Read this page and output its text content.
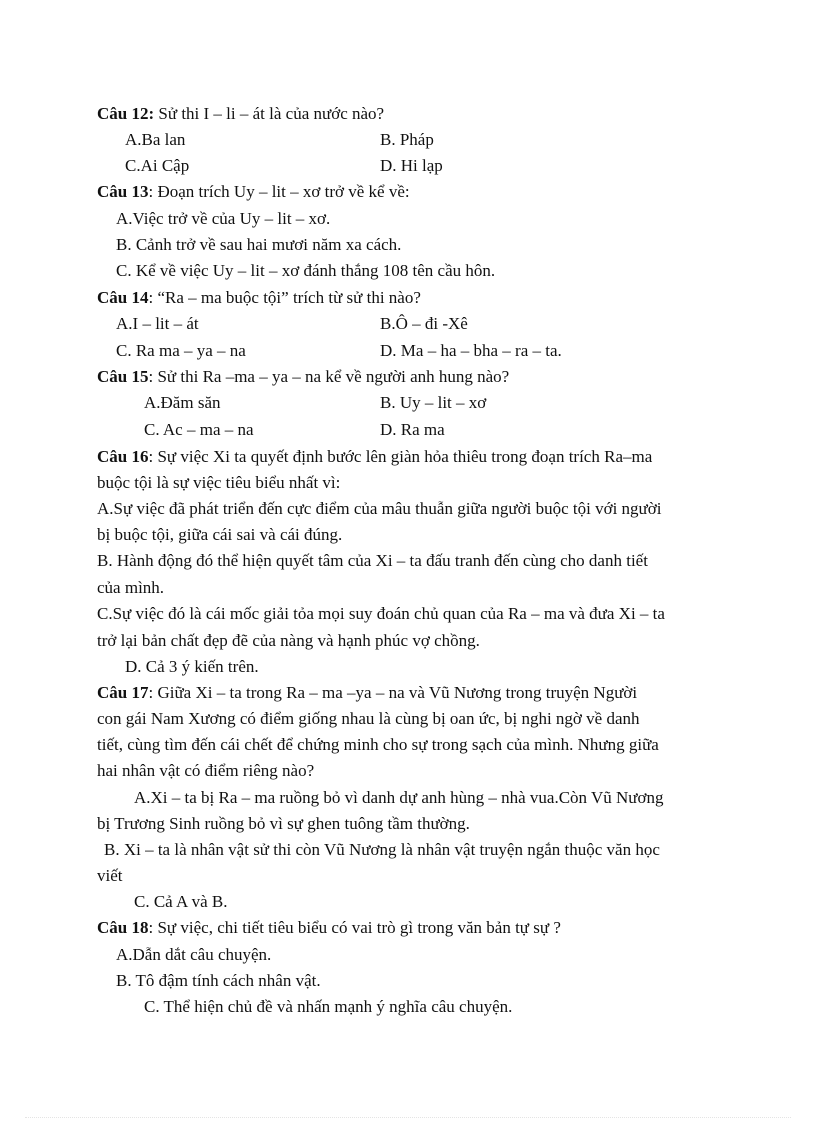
Câu 12: Sử thi I – li – át là của nước nào?
A.Ba lan	B. Pháp
C.Ai Cập	D. Hi lạp
Câu 13: Đoạn trích Uy – lit – xơ trở về kể về:
A.Việc trở về của Uy – lit – xơ.
B. Cảnh trở về sau hai mươi năm xa cách.
C. Kể về việc Uy – lit – xơ đánh thắng 108 tên cầu hôn.
Câu 14: “Ra – ma buộc tội” trích từ sử thi nào?
A.I – lit – át	B.Ô – đi -Xê
C. Ra ma – ya – na	D. Ma – ha – bha – ra – ta.
Câu 15: Sử thi Ra –ma – ya – na kể về người anh hung nào?
A.Đăm săn	B. Uy – lit – xơ
C. Ac – ma – na	D. Ra ma
Câu 16: Sự việc Xi ta quyết định bước lên giàn hỏa thiêu trong đoạn trích Ra–ma
buộc tội là sự việc tiêu biểu nhất vì:
A.Sự việc đã phát triển đến cực điểm của mâu thuẫn giữa người buộc tội với người
bị buộc tội, giữa cái sai và cái đúng.
B. Hành động đó thể hiện quyết tâm của Xi – ta đấu tranh đến cùng cho danh tiết
của mình.
C.Sự việc đó là cái mốc giải tỏa mọi suy đoán chủ quan của Ra – ma và đưa Xi – ta
trở lại bản chất đẹp đẽ của nàng và hạnh phúc vợ chồng.
D. Cả 3 ý kiến trên.
Câu 17: Giữa Xi – ta trong Ra – ma –ya – na và Vũ Nương trong truyện Người
con gái Nam Xương có điểm giống nhau là cùng bị oan ức, bị nghi ngờ về danh
tiết, cùng tìm đến cái chết để chứng minh cho sự trong sạch của mình. Nhưng giữa
hai nhân vật có điểm riêng nào?
A.Xi – ta bị Ra – ma ruồng bỏ vì danh dự anh hùng – nhà vua.Còn Vũ Nương
bị Trương Sinh ruồng bỏ vì sự ghen tuông tầm thường.
B. Xi – ta là nhân vật sử thi còn Vũ Nương là nhân vật truyện ngắn thuộc văn học
viết
C. Cả A và B.
Câu 18: Sự việc, chi tiết tiêu biểu có vai trò gì trong văn bản tự sự ?
A.Dẫn dắt câu chuyện.
B. Tô đậm tính cách nhân vật.
C. Thể hiện chủ đề và nhấn mạnh ý nghĩa câu chuyện.
